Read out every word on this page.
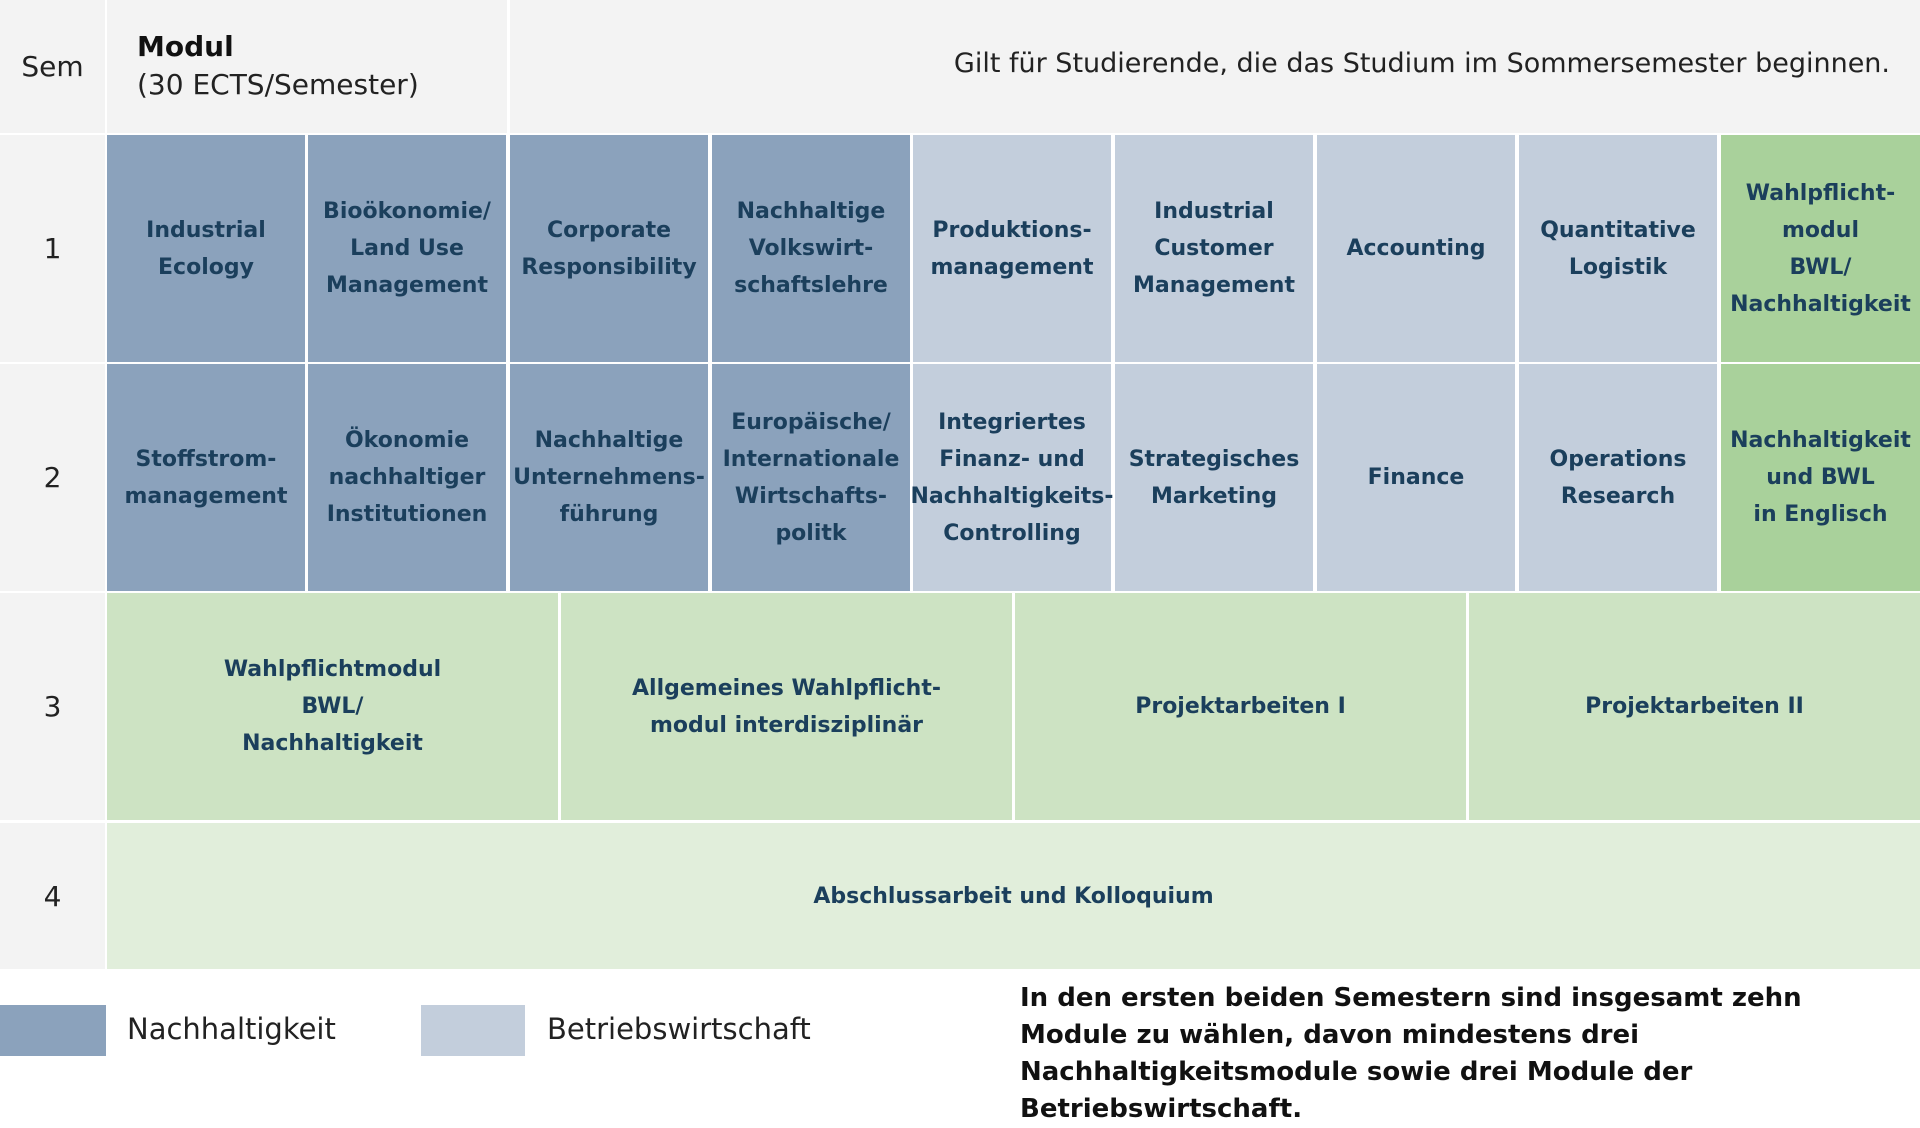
Sem
Modul
(30 ECTS/Semester)
Gilt für Studierende, die das Studium im Sommersemester beginnen.
1
2
3
4
Industrial
Ecology
Bioökonomie/
Land Use
Management
Corporate
Responsibility
Nachhaltige
Volkswirt-
schaftslehre
Produktions-
management
Industrial
Customer
Management
Accounting
Quantitative
Logistik
Wahlpflicht-
modul
BWL/
Nachhaltigkeit
Stoffstrom-
management
Ökonomie
nachhaltiger
Institutionen
Nachhaltige
Unternehmens-
führung
Europäische/
Internationale
Wirtschafts-
politk
Integriertes
Finanz- und
Nachhaltigkeits-
Controlling
Strategisches
Marketing
Finance
Operations
Research
Nachhaltigkeit
und BWL
in Englisch
Wahlpflichtmodul
BWL/
Nachhaltigkeit
Allgemeines Wahlpflicht-
modul interdisziplinär
Projektarbeiten I	Projektarbeiten II
Abschlussarbeit und Kolloquium
Nachhaltigkeit	Betriebswirtschaft
In den ersten beiden Semestern sind insgesamt zehn Module zu wählen, davon mindestens drei Nachhaltigkeitsmodule sowie drei Module der Betriebswirtschaft.
